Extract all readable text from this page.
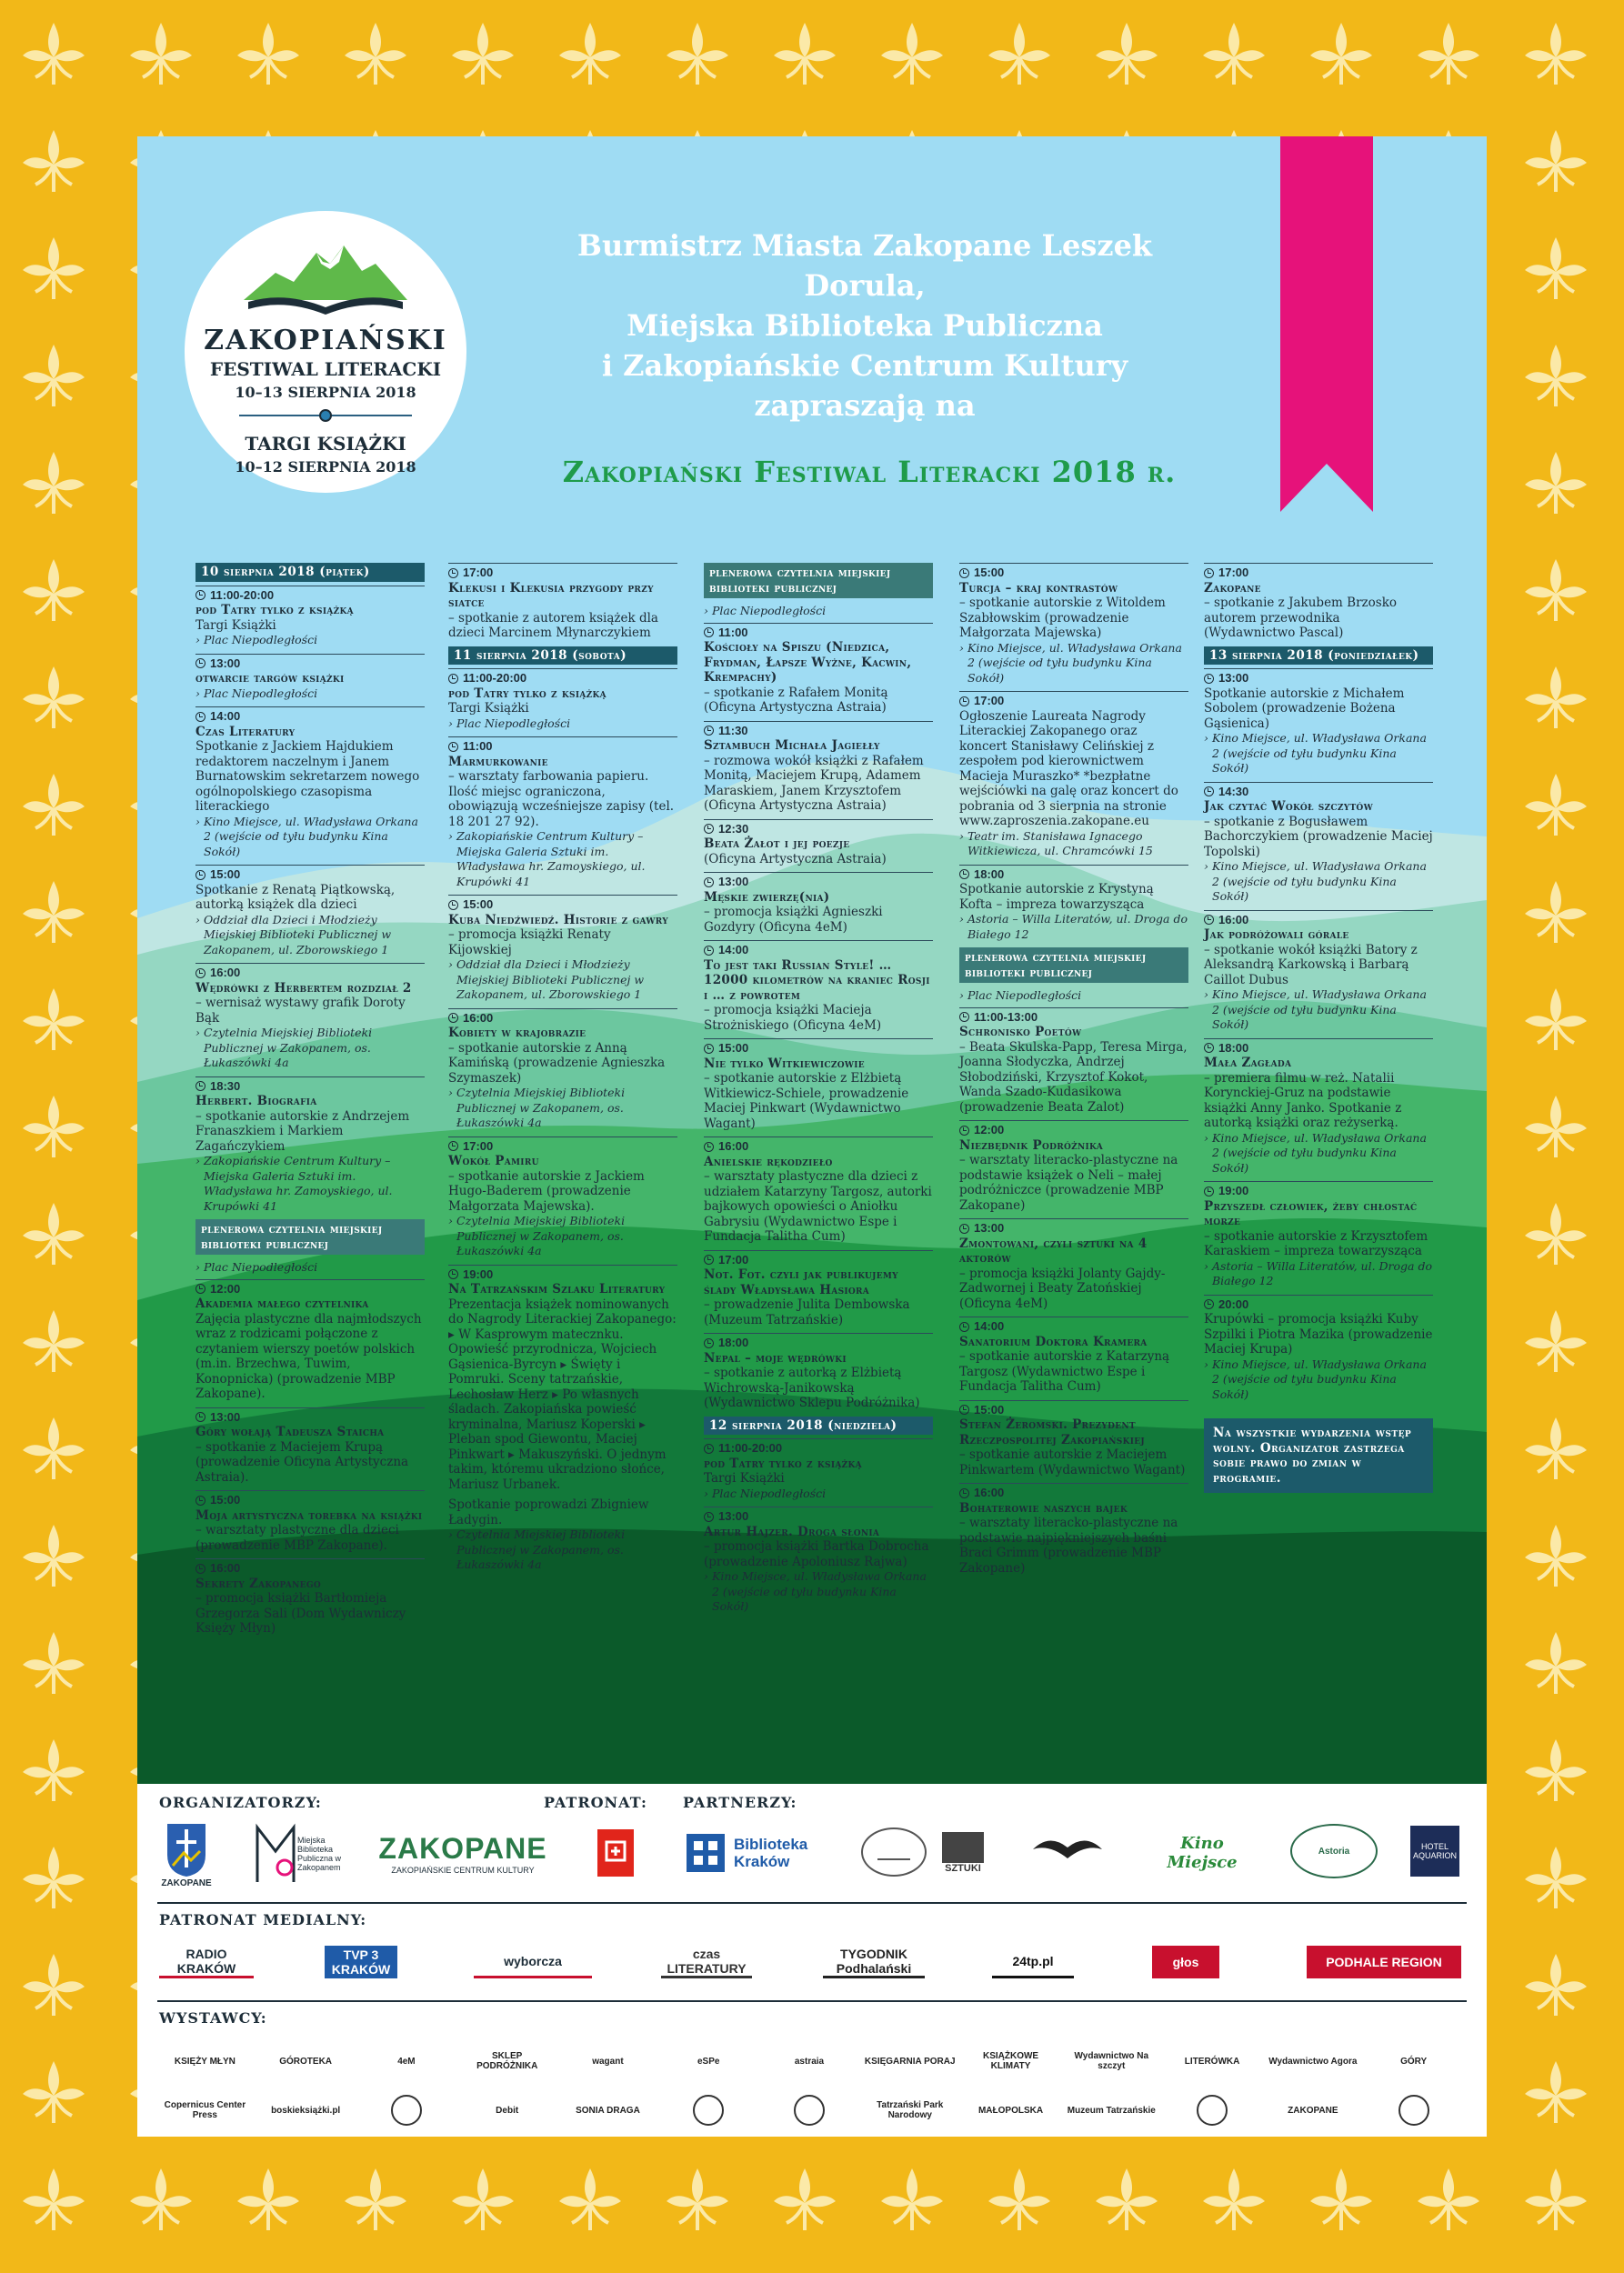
ZAKOPIAŃSKI
FESTIWAL LITERACKI
10–13 SIERPNIA 2018
TARGI KSIĄŻKI
10–12 SIERPNIA 2018
Burmistrz Miasta Zakopane Leszek Dorula,
Miejska Biblioteka Publiczna
i Zakopiańskie Centrum Kultury
zapraszają na
Zakopiański Festiwal Literacki 2018 r.
10 sierpnia 2018 (piątek)
11:00-20:00
pod Tatry tylko z książką
Targi Książki
› Plac Niepodległości
13:00
otwarcie targów książki
› Plac Niepodległości
14:00
Czas Literatury
Spotkanie z Jackiem Hajdukiem redaktorem naczelnym i Janem Burnatowskim sekretarzem nowego ogólnopolskiego czasopisma literackiego
› Kino Miejsce, ul. Władysława Orkana 2 (wejście od tyłu budynku Kina Sokół)
15:00
Spotkanie z Renatą Piątkowską, autorką książek dla dzieci
› Oddział dla Dzieci i Młodzieży Miejskiej Biblioteki Publicznej w Zakopanem, ul. Zborowskiego 1
16:00
Wędrówki z Herbertem rozdział 2
– wernisaż wystawy grafik Doroty Bąk
› Czytelnia Miejskiej Biblioteki Publicznej w Zakopanem, os. Łukaszówki 4a
18:30
Herbert. Biografia
– spotkanie autorskie z Andrzejem Franaszkiem i Markiem Zagańczykiem
› Zakopiańskie Centrum Kultury – Miejska Galeria Sztuki im. Władysława hr. Zamoyskiego, ul. Krupówki 41
plenerowa czytelnia miejskiej biblioteki publicznej
› Plac Niepodległości
12:00
Akademia małego czytelnika
Zajęcia plastyczne dla najmłodszych wraz z rodzicami połączone z czytaniem wierszy poetów polskich (m.in. Brzechwa, Tuwim, Konopnicka) (prowadzenie MBP Zakopane).
13:00
Góry wołają Tadeusza Staicha
– spotkanie z Maciejem Krupą (prowadzenie Oficyna Artystyczna Astraia).
15:00
Moja artystyczna torebka na książki
– warsztaty plastyczne dla dzieci (prowadzenie MBP Zakopane).
16:00
Sekrety Zakopanego
– promocja książki Bartłomieja Grzegorza Sali (Dom Wydawniczy Księży Młyn)
17:00
Klekusi i Klekusia przygody przy siatce
– spotkanie z autorem książek dla dzieci Marcinem Młynarczykiem
11 sierpnia 2018 (sobota)
11:00-20:00
pod Tatry tylko z książką
Targi Książki
› Plac Niepodległości
11:00
Marmurkowanie
– warsztaty farbowania papieru. Ilość miejsc ograniczona, obowiązują wcześniejsze zapisy (tel. 18 201 27 92).
› Zakopiańskie Centrum Kultury – Miejska Galeria Sztuki im. Władysława hr. Zamoyskiego, ul. Krupówki 41
15:00
Kuba Niedźwiedź. Historie z gawry
– promocja książki Renaty Kijowskiej
› Oddział dla Dzieci i Młodzieży Miejskiej Biblioteki Publicznej w Zakopanem, ul. Zborowskiego 1
16:00
Kobiety w krajobrazie
– spotkanie autorskie z Anną Kamińską (prowadzenie Agnieszka Szymaszek)
› Czytelnia Miejskiej Biblioteki Publicznej w Zakopanem, os. Łukaszówki 4a
17:00
Wokół Pamiru
– spotkanie autorskie z Jackiem Hugo-Baderem (prowadzenie Małgorzata Majewska).
› Czytelnia Miejskiej Biblioteki Publicznej w Zakopanem, os. Łukaszówki 4a
19:00
Na Tatrzańskim Szlaku Literatury
Prezentacja książek nominowanych do Nagrody Literackiej Zakopanego: ▸ W Kasprowym matecznku. Opowieść przyrodnicza, Wojciech Gąsienica-Byrcyn ▸ Święty i Pomruki. Sceny tatrzańskie, Lechosław Herz ▸ Po własnych śladach. Zakopiańska powieść kryminalna, Mariusz Koperski ▸ Pleban spod Giewontu, Maciej Pinkwart ▸ Makuszyński. O jednym takim, któremu ukradziono słońce, Mariusz Urbanek.
Spotkanie poprowadzi Zbigniew Ładygin.
› Czytelnia Miejskiej Biblioteki Publicznej w Zakopanem, os. Łukaszówki 4a
plenerowa czytelnia miejskiej biblioteki publicznej
› Plac Niepodległości
11:00
Kościoły na Spiszu (Niedzica, Frydman, Łapsze Wyżne, Kacwin, Krempachy)
– spotkanie z Rafałem Monitą (Oficyna Artystyczna Astraia)
11:30
Sztambuch Michała Jagiełły
– rozmowa wokół książki z Rafałem Monitą, Maciejem Krupą, Adamem Maraskiem, Janem Krzysztofem (Oficyna Artystyczna Astraia)
12:30
Beata Żałot i jej poezje
(Oficyna Artystyczna Astraia)
13:00
Męskie zwierzę(nia)
– promocja książki Agnieszki Gozdyry (Oficyna 4eM)
14:00
To jest taki Russian Style! …12000 kilometrów na kraniec Rosji i … z powrotem
– promocja książki Macieja Strożniskiego (Oficyna 4eM)
15:00
Nie tylko Witkiewiczowie
– spotkanie autorskie z Elżbietą Witkiewicz-Schiele, prowadzenie Maciej Pinkwart (Wydawnictwo Wagant)
16:00
Anielskie rękodzieło
– warsztaty plastyczne dla dzieci z udziałem Katarzyny Targosz, autorki bajkowych opowieści o Aniołku Gabrysiu (Wydawnictwo Espe i Fundacja Talitha Cum)
17:00
Not. Fot. czyli jak publikujemy ślady Władysława Hasiora
– prowadzenie Julita Dembowska (Muzeum Tatrzańskie)
18:00
Nepal – moje wędrówki
– spotkanie z autorką z Elżbietą Wichrowską-Janikowską (Wydawnictwo Sklepu Podróżnika)
12 sierpnia 2018 (niedziela)
11:00-20:00
pod Tatry tylko z książką
Targi Książki
› Plac Niepodległości
13:00
Artur Hajzer. Droga słonia
– promocja książki Bartka Dobrocha (prowadzenie Apoloniusz Rajwa)
› Kino Miejsce, ul. Władysława Orkana 2 (wejście od tyłu budynku Kina Sokół)
15:00
Turcja – kraj kontrastów
– spotkanie autorskie z Witoldem Szabłowskim (prowadzenie Małgorzata Majewska)
› Kino Miejsce, ul. Władysława Orkana 2 (wejście od tyłu budynku Kina Sokół)
17:00
Ogłoszenie Laureata Nagrody Literackiej Zakopanego oraz koncert Stanisławy Celińskiej z zespołem pod kierownictwem Macieja Muraszko* *bezpłatne wejściówki na galę oraz koncert do pobrania od 3 sierpnia na stronie www.zaproszenia.zakopane.eu
› Teatr im. Stanisława Ignacego Witkiewicza, ul. Chramcówki 15
18:00
Spotkanie autorskie z Krystyną Kofta – impreza towarzysząca
› Astoria – Willa Literatów, ul. Droga do Białego 12
plenerowa czytelnia miejskiej biblioteki publicznej
› Plac Niepodległości
11:00-13:00
Schronisko Poetów
– Beata Skulska-Papp, Teresa Mirga, Joanna Słodyczka, Andrzej Słobodziński, Krzysztof Kokot, Wanda Szado-Kudasikowa (prowadzenie Beata Zalot)
12:00
Niezbędnik Podróżnika
– warsztaty literacko-plastyczne na podstawie książek o Neli – małej podróżniczce (prowadzenie MBP Zakopane)
13:00
Zmontowani, czyli sztuki na 4 aktorów
– promocja książki Jolanty Gajdy-Zadwornej i Beaty Zatońskiej (Oficyna 4eM)
14:00
Sanatorium Doktora Kramera
– spotkanie autorskie z Katarzyną Targosz (Wydawnictwo Espe i Fundacja Talitha Cum)
15:00
Stefan Żeromski. Prezydent Rzeczpospolitej Zakopiańskiej
– spotkanie autorskie z Maciejem Pinkwartem (Wydawnictwo Wagant)
16:00
Bohaterowie naszych bajek
– warsztaty literacko-plastyczne na podstawie najpiękniejszych baśni Braci Grimm (prowadzenie MBP Zakopane)
17:00
Zakopane
– spotkanie z Jakubem Brzosko autorem przewodnika (Wydawnictwo Pascal)
13 sierpnia 2018 (poniedziałek)
13:00
Spotkanie autorskie z Michałem Sobolem (prowadzenie Bożena Gąsienica)
› Kino Miejsce, ul. Władysława Orkana 2 (wejście od tyłu budynku Kina Sokół)
14:30
Jak czytać Wokół szczytów
– spotkanie z Bogusławem Bachorczykiem (prowadzenie Maciej Topolski)
› Kino Miejsce, ul. Władysława Orkana 2 (wejście od tyłu budynku Kina Sokół)
16:00
Jak podróżowali górale
– spotkanie wokół książki Batory z Aleksandrą Karkowską i Barbarą Caillot Dubus
› Kino Miejsce, ul. Władysława Orkana 2 (wejście od tyłu budynku Kina Sokół)
18:00
Mała Zagłada
– premiera filmu w reż. Natalii Korynckiej-Gruz na podstawie książki Anny Janko. Spotkanie z autorką książki oraz reżyserką.
› Kino Miejsce, ul. Władysława Orkana 2 (wejście od tyłu budynku Kina Sokół)
19:00
Przyszedł człowiek, żeby chłostać morze
– spotkanie autorskie z Krzysztofem Karaskiem – impreza towarzysząca
› Astoria – Willa Literatów, ul. Droga do Białego 12
20:00
Krupówki – promocja książki Kuby Szpilki i Piotra Mazika (prowadzenie Maciej Krupa)
› Kino Miejsce, ul. Władysława Orkana 2 (wejście od tyłu budynku Kina Sokół)
Na wszystkie wydarzenia wstęp wolny. Organizator zastrzega sobie prawo do zmian w programie.
ORGANIZATORZY:	PATRONAT: PARTNERZY:
ZAKOPANE
Miejska Biblioteka Publiczna w Zakopanem
ZAKOPANE
ZAKOPIAŃSKIE CENTRUM KULTURY
Biblioteka Kraków	SZTUKI
Kino Miejsce
Astoria	HOTEL AQUARION
PATRONAT MEDIALNY:
RADIO KRAKÓW
TVP 3 KRAKÓW
wyborcza	czas LITERATURY
TYGODNIK Podhalański	24tp.pl	głos	PODHALE REGION
WYSTAWCY:
KSIĘŻY MŁYN	GÓROTEKA	4eM	SKLEP PODRÓŻNIKA	wagant	eSPe	astraia	KSIĘGARNIA PORAJ	KSIĄŻKOWE KLIMATY
Wydawnictwo Na szczyt	LITERÓWKA	Wydawnictwo Agora	GÓRY
Copernicus Center Press	boskieksiążki.pl	Debit	SONIA DRAGA	Tatrzański Park Narodowy	MAŁOPOLSKA	Muzeum Tatrzańskie	ZAKOPANE
